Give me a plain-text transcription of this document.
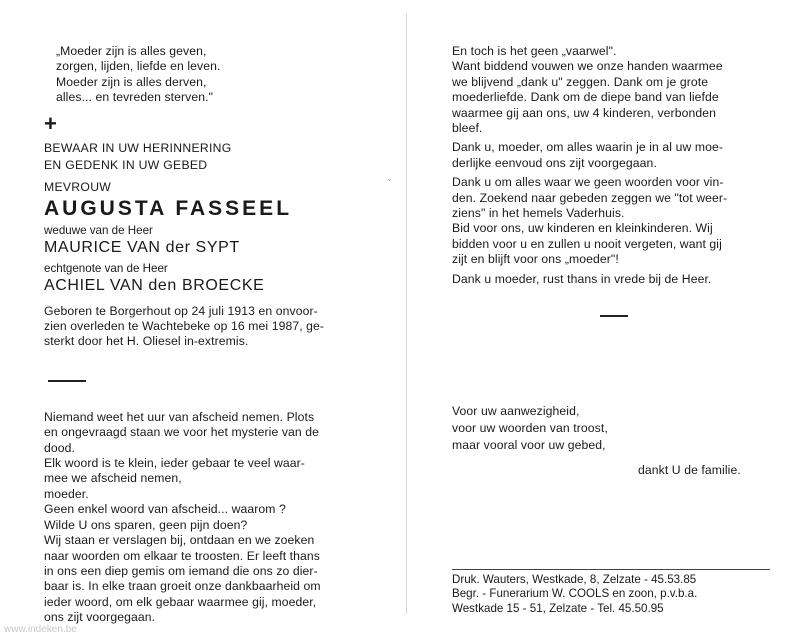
ˇ
„Moeder zijn is alles geven,
zorgen, lijden, liefde en leven.
Moeder zijn is alles derven,
alles... en tevreden sterven."
+
BEWAAR IN UW HERINNERING
EN GEDENK IN UW GEBED
MEVROUW
AUGUSTA FASSEEL
weduwe van de Heer
MAURICE VAN der SYPT
echtgenote van de Heer
ACHIEL VAN den BROECKE
Geboren te Borgerhout op 24 juli 1913 en onvoor-
zien overleden te Wachtebeke op 16 mei 1987, ge-
sterkt door het H. Oliesel in-extremis.
Niemand weet het uur van afscheid nemen. Plots
en ongevraagd staan we voor het mysterie van de
dood.
Elk woord is te klein, ieder gebaar te veel waar-
mee we afscheid nemen,
moeder.
Geen enkel woord van afscheid... waarom ?
Wilde U ons sparen, geen pijn doen?
Wij staan er verslagen bij, ontdaan en we zoeken
naar woorden om elkaar te troosten. Er leeft thans
in ons een diep gemis om iemand die ons zo dier-
baar is. In elke traan groeit onze dankbaarheid om
ieder woord, om elk gebaar waarmee gij, moeder,
ons zijt voorgegaan.
En toch is het geen „vaarwel".
Want biddend vouwen we onze handen waarmee
we blijvend „dank u" zeggen. Dank om je grote
moederliefde. Dank om de diepe band van liefde
waarmee gij aan ons, uw 4 kinderen, verbonden
bleef.
Dank u, moeder, om alles waarin je in al uw moe-
derlijke eenvoud ons zijt voorgegaan.
Dank u om alles waar we geen woorden voor vin-
den. Zoekend naar gebeden zeggen we "tot weer-
ziens" in het hemels Vaderhuis.
Bid voor ons, uw kinderen en kleinkinderen. Wij
bidden voor u en zullen u nooit vergeten, want gij
zijt en blijft voor ons „moeder"!
Dank u moeder, rust thans in vrede bij de Heer.
Voor uw aanwezigheid,
voor uw woorden van troost,
maar vooral voor uw gebed,
dankt U de familie.
Druk. Wauters, Westkade, 8, Zelzate - 45.53.85
Begr. - Funerarium W. COOLS en zoon, p.v.b.a.
Westkade 15 - 51, Zelzate - Tel. 45.50.95
www.indeken.be
